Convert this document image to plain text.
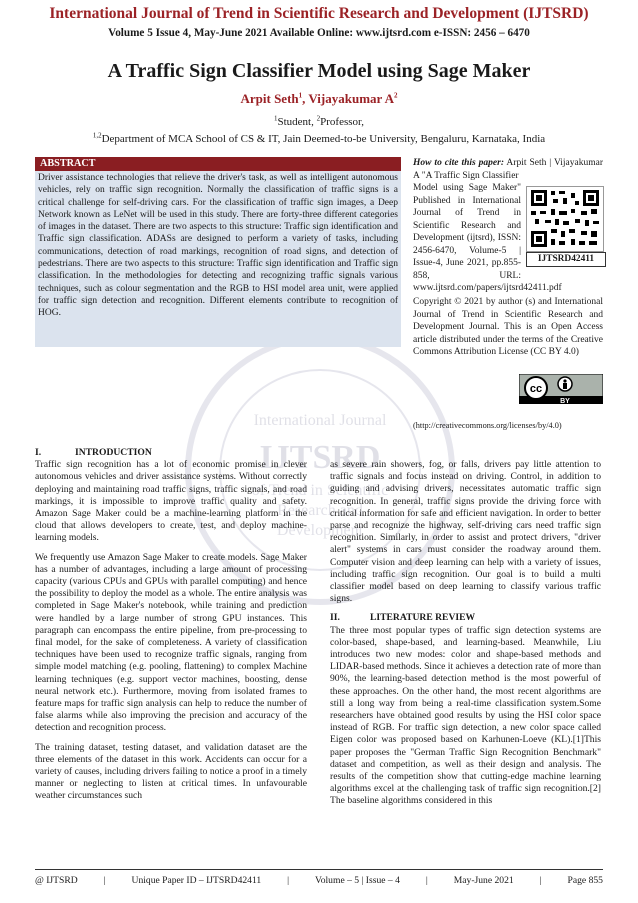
International Journal of Trend in Scientific Research and Development (IJTSRD)
Volume 5 Issue 4, May-June 2021 Available Online: www.ijtsrd.com e-ISSN: 2456 – 6470
A Traffic Sign Classifier Model using Sage Maker
Arpit Seth$^1$, Vijayakumar $A^2$
$^1$Student, $^2$Professor,
$^{1,2}$Department of MCA School of CS & IT, Jain Deemed-to-be University, Bengaluru, Karnataka, India
International Journal
IJTSRD
of Trend in Scientific
Research and
Development
ABSTRACT
Driver assistance technologies that relieve the driver's task, as well as intelligent autonomous vehicles, rely on traffic sign recognition. Normally the classification of traffic signs is a critical challenge for self-driving cars. For the classification of traffic sign images, a Deep Network known as LeNet will be used in this study. There are forty-three different categories of images in the dataset. There are two aspects to this structure: Traffic sign identification and Traffic sign classification. ADASs are designed to perform a variety of tasks, including communications, detection of road markings, recognition of road signs, and detection of pedestrians. There are two aspects to this structure: Traffic sign identification and Traffic sign classification. In the methodologies for detecting and recognizing traffic signals various techniques, such as colour segmentation and the RGB to HSI model area unit, were applied for traffic sign detection and recognition. Different elements contribute to recognition of HOG.
How to cite this paper: Arpit Seth | Vijayakumar A "A Traffic Sign Classifier
Model using Sage Maker" Published in International Journal of Trend in Scientific Research and Development (ijtsrd), ISSN: 2456-6470, Volume-5 | Issue-4, June 2021, pp.855-858, URL: www.ijtsrd.com/papers/ijtsrd42411.pdf
IJTSRD42411
Copyright © 2021 by author (s) and International Journal of Trend in Scientific Research and Development Journal. This is an Open Access article distributed under the terms of the Creative Commons Attribution License (CC BY 4.0)
cc
BY
(http://creativecommons.org/licenses/by/4.0)
I.	INTRODUCTION

Traffic sign recognition has a lot of economic promise in clever autonomous vehicles and driver assistance systems. Without correctly deploying and maintaining road traffic signs, traffic signals, and road markings, it is impossible to improve traffic quality and safety. Amazon Sage Maker could be a machine-learning platform in the cloud that allows developers to create, test, and deploy machine-learning models.

We frequently use Amazon Sage Maker to create models. Sage Maker has a number of advantages, including a large amount of processing capacity (various CPUs and GPUs with parallel computing) and hence the possibility to deploy the model as a whole. The entire analysis was completed in Sage Maker's notebook, while training and prediction were handled by a large number of strong GPU instances. This paragraph can encompass the entire pipeline, from pre-processing to final model, for the sake of completeness. A variety of classification techniques have been used to recognize traffic signals, ranging from simple model matching (e.g. pooling, flattening) to complex Machine learning techniques (e.g. support vector machines, boosting, dense neural network etc.). Furthermore, moving from isolated frames to feature maps for traffic sign analysis can help to reduce the number of false alarms while also improving the precision and accuracy of the detection and recognition process.

The training dataset, testing dataset, and validation dataset are the three elements of the dataset in this work. Accidents can occur for a variety of causes, including drivers failing to notice a proof in a timely manner or neglecting to listen at critical times. In unfavourable weather circumstances such

as severe rain showers, fog, or falls, drivers pay little attention to traffic signals and focus instead on driving. Control, in addition to guiding and advising drivers, necessitates automatic traffic sign recognition. In general, traffic signs provide the driving force with critical information for safe and efficient navigation. In order to better parse and recognize the highway, self-driving cars need traffic sign recognition. Similarly, in order to assist and protect drivers, "driver alert" systems in cars must consider the roadway around them. Computer vision and deep learning can help with a variety of issues, including traffic sign recognition. Our goal is to build a multi classifier model based on deep learning to classify various traffic signs.

II.	LITERATURE REVIEW

The three most popular types of traffic sign detection systems are color-based, shape-based, and learning-based. Meanwhile, Liu introduces two new modes: color and shape-based methods and LIDAR-based methods. Since it achieves a detection rate of more than 90%, the learning-based detection method is the most powerful of these approaches. On the other hand, the most recent algorithms are still a long way from being a real-time classification system.Some researchers have obtained good results by using the HSI color space instead of RGB. For traffic sign detection, a new color space called Eigen color was proposed based on Karhunen-Loeve (KL).[1]This paper proposes the "German Traffic Sign Recognition Benchmark" dataset and competition, as well as their design and analysis. The results of the competition show that cutting-edge machine learning algorithms excel at the challenging task of traffic sign recognition.[2] The baseline algorithms considered in this

@ IJTSRD	|	Unique Paper ID – IJTSRD42411	|	Volume – 5 | Issue – 4	|	May-June 2021	|	Page 855
